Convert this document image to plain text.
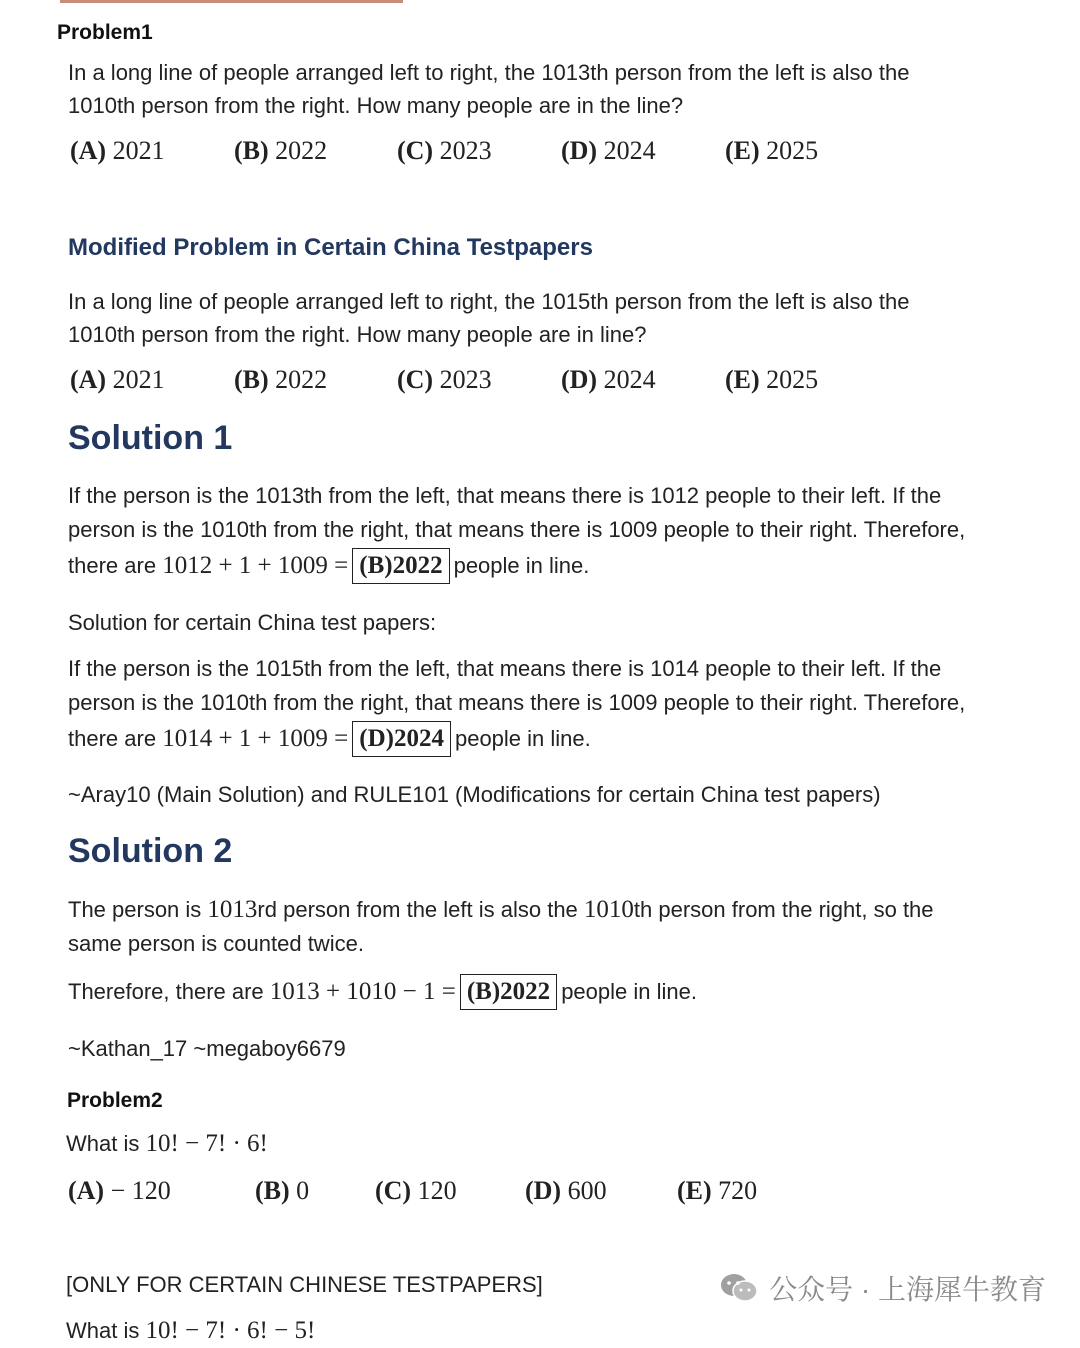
Problem1
In a long line of people arranged left to right, the 1013th person from the left is also the
1010th person from the right. How many people are in the line?
(A) 2021	(B) 2022	(C) 2023	(D) 2024	(E) 2025
Modified Problem in Certain China Testpapers
In a long line of people arranged left to right, the 1015th person from the left is also the
1010th person from the right. How many people are in line?
(A) 2021	(B) 2022	(C) 2023	(D) 2024	(E) 2025
Solution 1
If the person is the 1013th from the left, that means there is 1012 people to their left. If the
person is the 1010th from the right, that means there is 1009 people to their right. Therefore,
there are 1012 + 1 + 1009 = (B)2022 people in line.
Solution for certain China test papers:
If the person is the 1015th from the left, that means there is 1014 people to their left. If the
person is the 1010th from the right, that means there is 1009 people to their right. Therefore,
there are 1014 + 1 + 1009 = (D)2024 people in line.
~Aray10 (Main Solution) and RULE101 (Modifications for certain China test papers)
Solution 2
The person is 1013rd person from the left is also the 1010th person from the right, so the
same person is counted twice.
Therefore, there are 1013 + 1010 − 1 = (B)2022 people in line.
~Kathan_17 ~megaboy6679
Problem2
What is 10! − 7! · 6!
(A) − 120	(B) 0	(C) 120	(D) 600	(E) 720
[ONLY FOR CERTAIN CHINESE TESTPAPERS]
What is 10! − 7! · 6! − 5!
公众号 · 上海犀牛教育
